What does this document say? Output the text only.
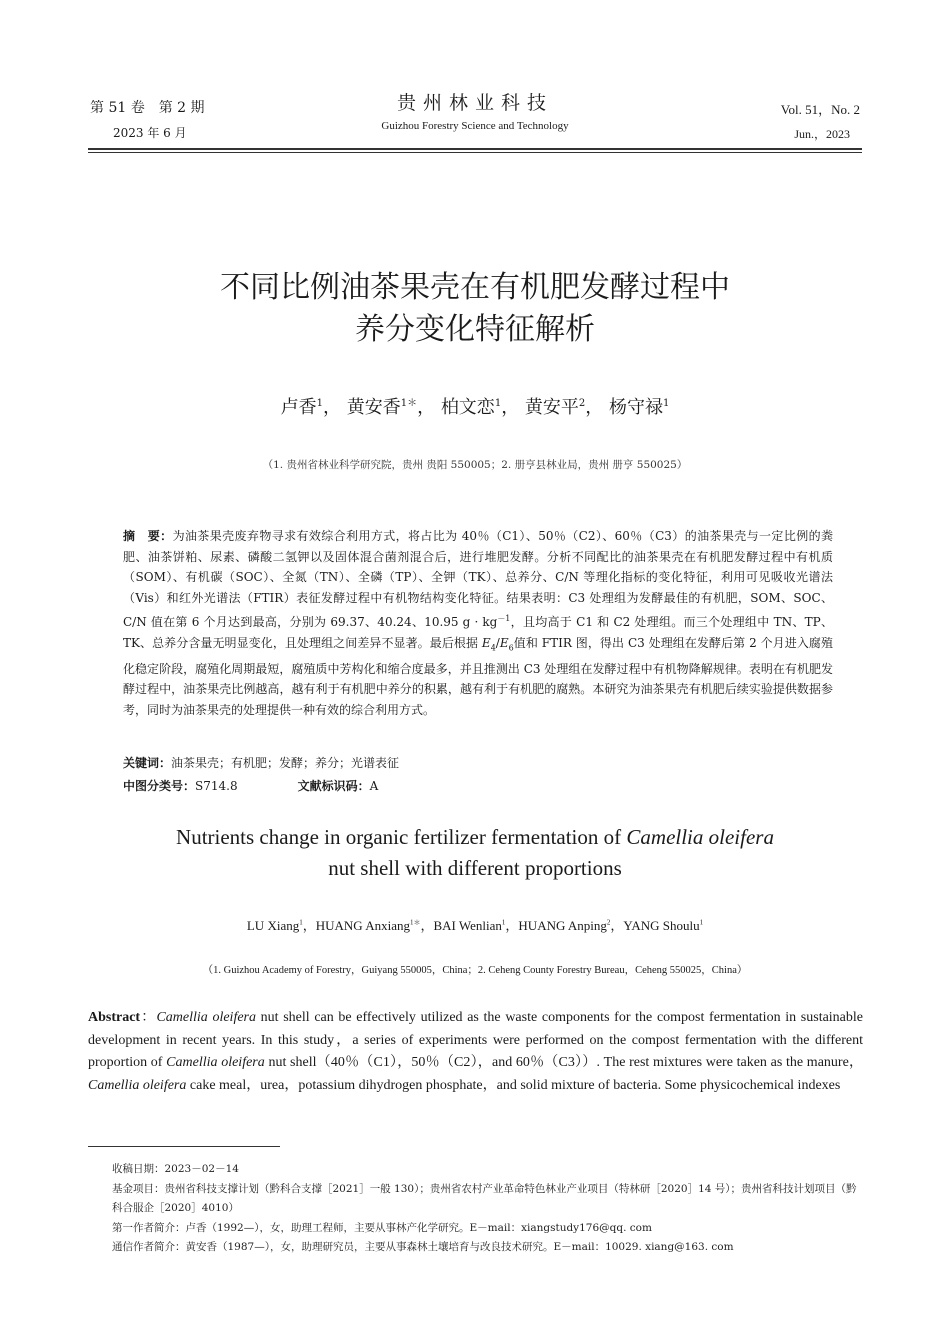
第 51 卷　第 2 期
2023 年 6 月
贵州林业科技
Guizhou Forestry Science and Technology
Vol. 51，No. 2
Jun.，2023
不同比例油茶果壳在有机肥发酵过程中
养分变化特征解析
卢香$^1$， 黄安香$^{1*}$， 柏文恋$^1$， 黄安平$^2$， 杨守禄$^1$
（1. 贵州省林业科学研究院，贵州 贵阳 550005；2. 册亨县林业局，贵州 册亨 550025）
摘　要：为油茶果壳废弃物寻求有效综合利用方式，将占比为 40％（C1）、50％（C2）、60％（C3）的油茶果壳与一定比例的粪肥、油茶饼粕、尿素、磷酸二氢钾以及固体混合菌剂混合后，进行堆肥发酵。分析不同配比的油茶果壳在有机肥发酵过程中有机质（SOM）、有机碳（SOC）、全氮（TN）、全磷（TP）、全钾（TK）、总养分、C/N 等理化指标的变化特征，利用可见吸收光谱法（Vis）和红外光谱法（FTIR）表征发酵过程中有机物结构变化特征。结果表明：C3 处理组为发酵最佳的有机肥，SOM、SOC、C/N 值在第 6 个月达到最高，分别为 69.37、40.24、10.95 $g \cdot kg^{-1}$，且均高于 C1 和 C2 处理组。而三个处理组中 TN、TP、TK、总养分含量无明显变化，且处理组之间差异不显著。最后根据 $E_4/E_6$值和 FTIR 图，得出 C3 处理组在发酵后第 2 个月进入腐殖化稳定阶段，腐殖化周期最短，腐殖质中芳构化和缩合度最多，并且推测出 C3 处理组在发酵过程中有机物降解规律。表明在有机肥发酵过程中，油茶果壳比例越高，越有利于有机肥中养分的积累，越有利于有机肥的腐熟。本研究为油茶果壳有机肥后续实验提供数据参考，同时为油茶果壳的处理提供一种有效的综合利用方式。
关键词：油茶果壳；有机肥；发酵；养分；光谱表征
中图分类号：S714.8	文献标识码：A
Nutrients change in organic fertilizer fermentation of Camellia oleifera
nut shell with different proportions
LU Xiang$^1$，HUANG Anxiang$^{1*}$，BAI Wenlian$^1$，HUANG Anping$^2$，YANG Shoulu$^1$
（1. Guizhou Academy of Forestry，Guiyang 550005，China；2. Ceheng County Forestry Bureau，Ceheng 550025，China）
Abstract：Camellia oleifera nut shell can be effectively utilized as the waste components for the compost fermentation in sustainable development in recent years. In this study，a series of experiments were performed on the compost fermentation with the different proportion of Camellia oleifera nut shell（40％（C1），50％（C2），and 60％（C3））. The rest mixtures were taken as the manure，Camellia oleifera cake meal，urea，potassium dihydrogen phosphate，and solid mixture of bacteria. Some physicochemical indexes
收稿日期：2023－02－14
基金项目：贵州省科技支撑计划（黔科合支撑［2021］一般 130）；贵州省农村产业革命特色林业产业项目（特林研［2020］14 号）；贵州省科技计划项目（黔科合服企［2020］4010）
第一作者简介：卢香（1992—），女，助理工程师，主要从事林产化学研究。E－mail：xiangstudy176@qq. com
通信作者简介：黄安香（1987—），女，助理研究员，主要从事森林土壤培育与改良技术研究。E－mail：10029. xiang@163. com
